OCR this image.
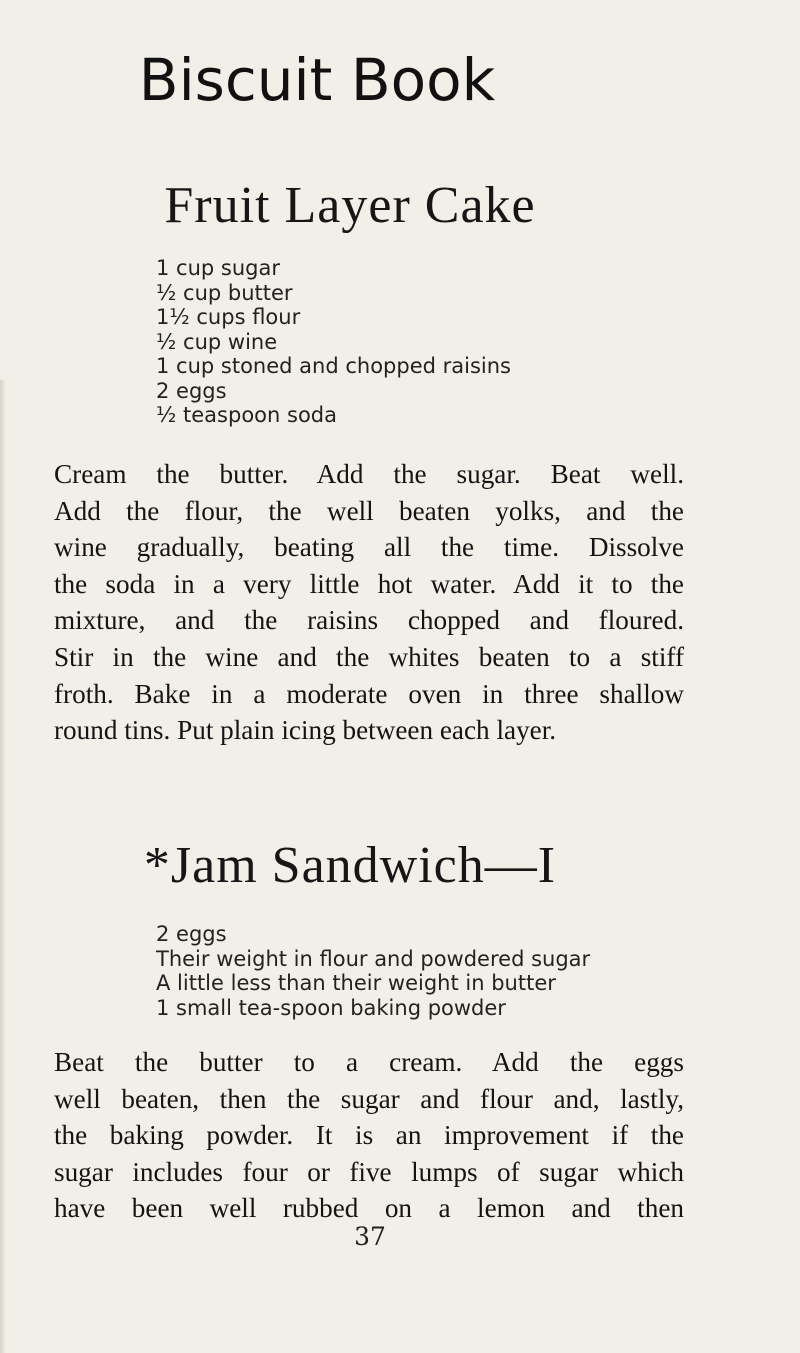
Biscuit Book
Fruit Layer Cake
1 cup sugar
½ cup butter
1½ cups flour
½ cup wine
1 cup stoned and chopped raisins
2 eggs
½ teaspoon soda
Cream the butter. Add the sugar. Beat well.
Add the flour, the well beaten yolks, and the
wine gradually, beating all the time. Dissolve
the soda in a very little hot water. Add it to the
mixture, and the raisins chopped and floured.
Stir in the wine and the whites beaten to a stiff
froth. Bake in a moderate oven in three shallow
round tins. Put plain icing between each layer.
*Jam Sandwich—I
2 eggs
Their weight in flour and powdered sugar
A little less than their weight in butter
1 small tea-spoon baking powder
Beat the butter to a cream. Add the eggs
well beaten, then the sugar and flour and, lastly,
the baking powder. It is an improvement if the
sugar includes four or five lumps of sugar which
have been well rubbed on a lemon and then
37
